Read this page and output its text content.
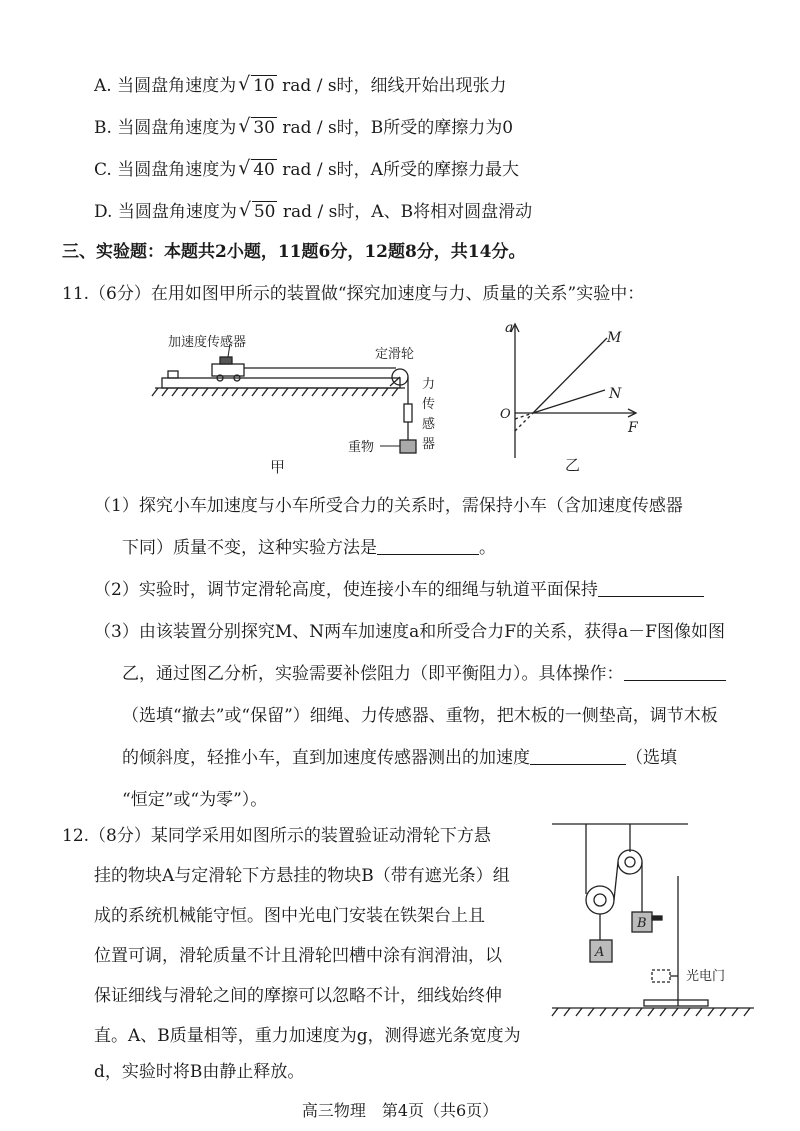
A. 当圆盘角速度为 √ 10 rad / s时，细线开始出现张力
B. 当圆盘角速度为 √ 30 rad / s时，B所受的摩擦力为0
C. 当圆盘角速度为 √ 40 rad / s时，A所受的摩擦力最大
D. 当圆盘角速度为 √ 50 rad / s时，A、B将相对圆盘滑动
三、实验题：本题共2小题，11题6分，12题8分，共14分。
11.（6分）在用如图甲所示的装置做“探究加速度与力、质量的关系”实验中：
加速度传感器
定滑轮
力
传
感
器
重物
甲
a
F
O
M
N
乙
（1）探究小车加速度与小车所受合力的关系时，需保持小车（含加速度传感器
下同）质量不变，这种实验方法是	。
（2）实验时，调节定滑轮高度，使连接小车的细绳与轨道平面保持
（3）由该装置分别探究M、N两车加速度a和所受合力F的关系，获得a－F图像如图
乙，通过图乙分析，实验需要补偿阻力（即平衡阻力）。具体操作：
（选填“撤去”或“保留”）细绳、力传感器、重物，把木板的一侧垫高，调节木板
的倾斜度，轻推小车，直到加速度传感器测出的加速度	（选填
“恒定”或“为零”）。
12.（8分）某同学采用如图所示的装置验证动滑轮下方悬
挂的物块A与定滑轮下方悬挂的物块B（带有遮光条）组
成的系统机械能守恒。图中光电门安装在铁架台上且
位置可调，滑轮质量不计且滑轮凹槽中涂有润滑油，以
保证细线与滑轮之间的摩擦可以忽略不计，细线始终伸
直。A、B质量相等，重力加速度为g，测得遮光条宽度为
A
B
光电门
高三物理　第4页（共6页）
d，实验时将B由静止释放。
